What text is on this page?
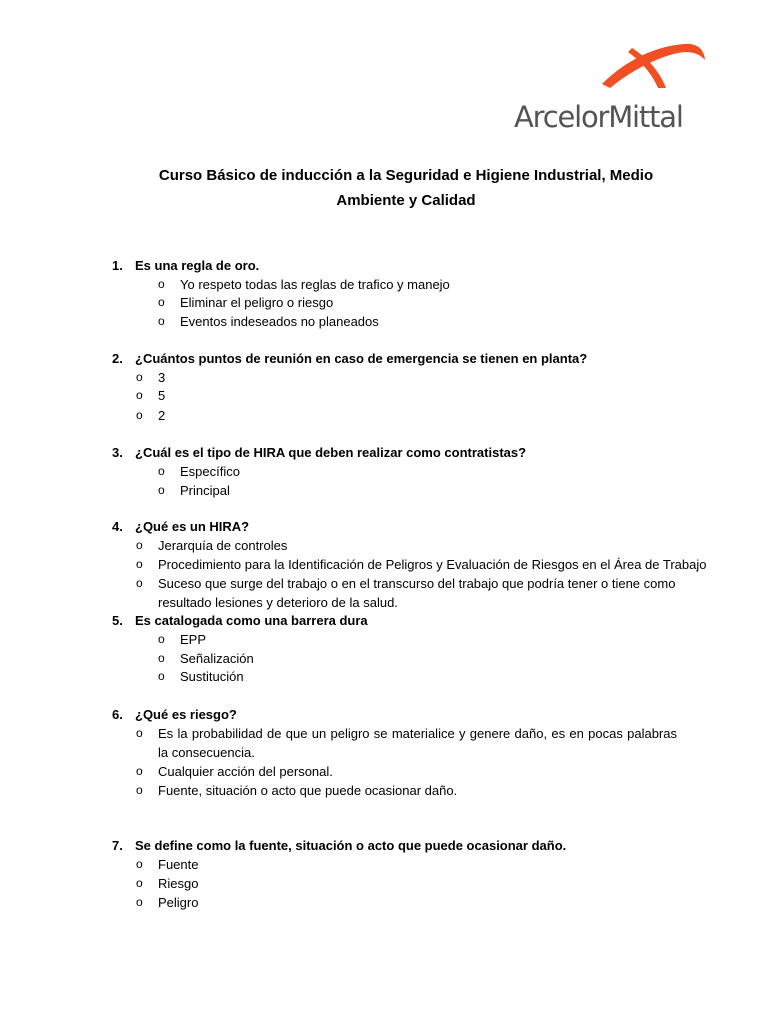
ArcelorMittal
Curso Básico de inducción a la Seguridad e Higiene Industrial, Medio
Ambiente y Calidad
1. Es una regla de oro.
o Yo respeto todas las reglas de trafico y manejo
o Eliminar el peligro o riesgo
o Eventos indeseados no planeados
2. ¿Cuántos puntos de reunión en caso de emergencia se tienen en planta?
o 3
o 5
o 2
3. ¿Cuál es el tipo de HIRA que deben realizar como contratistas?
o Específico
o Principal
4. ¿Qué es un HIRA?
o Jerarquía de controles
o Procedimiento para la Identificación de Peligros y Evaluación de Riesgos en el Área de Trabajo
o Suceso que surge del trabajo o en el transcurso del trabajo que podría tener o tiene como resultado lesiones y deterioro de la salud.
5. Es catalogada como una barrera dura
o EPP
o Señalización
o Sustitución
6. ¿Qué es riesgo?
o Es la probabilidad de que un peligro se materialice y genere daño, es en pocas palabras la consecuencia.
o Cualquier acción del personal.
o Fuente, situación o acto que puede ocasionar daño.
7. Se define como la fuente, situación o acto que puede ocasionar daño.
o Fuente
o Riesgo
o Peligro
